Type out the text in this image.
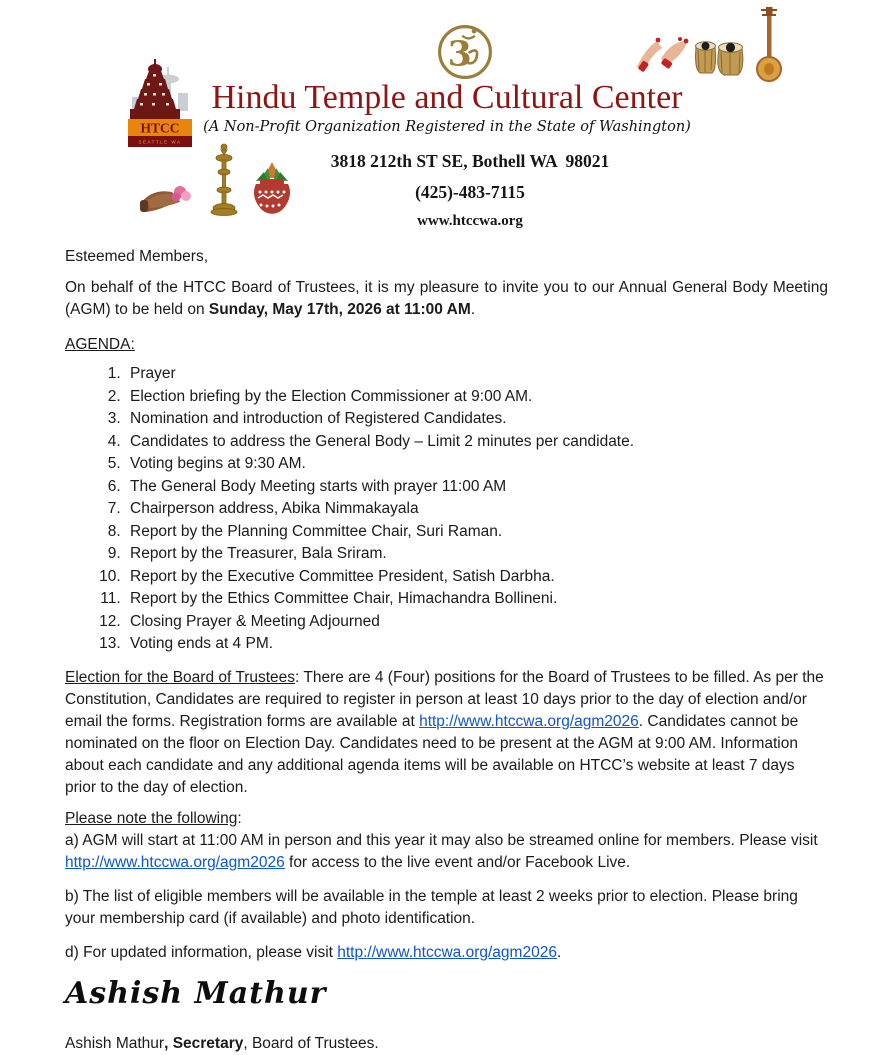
3
HTCC
SEATTLE WA
Hindu Temple and Cultural Center
(A Non-Profit Organization Registered in the State of Washington)
3818 212th ST SE, Bothell WA  98021
(425)-483-7115
www.htccwa.org

Esteemed Members,

On behalf of the HTCC Board of Trustees, it is my pleasure to invite you to our Annual General Body Meeting (AGM) to be held on Sunday, May 17th, 2026 at 11:00 AM.

AGENDA:

1. Prayer
2. Election briefing by the Election Commissioner at 9:00 AM.
3. Nomination and introduction of Registered Candidates.
4. Candidates to address the General Body – Limit 2 minutes per candidate.
5. Voting begins at 9:30 AM.
6. The General Body Meeting starts with prayer 11:00 AM
7. Chairperson address, Abika Nimmakayala
8. Report by the Planning Committee Chair, Suri Raman.
9. Report by the Treasurer, Bala Sriram.
10. Report by the Executive Committee President, Satish Darbha.
11. Report by the Ethics Committee Chair, Himachandra Bollineni.
12. Closing Prayer & Meeting Adjourned
13. Voting ends at 4 PM.

Election for the Board of Trustees: There are 4 (Four) positions for the Board of Trustees to be filled. As per the Constitution, Candidates are required to register in person at least 10 days prior to the day of election and/or email the forms. Registration forms are available at http://www.htccwa.org/agm2026. Candidates cannot be nominated on the floor on Election Day. Candidates need to be present at the AGM at 9:00 AM. Information about each candidate and any additional agenda items will be available on HTCC’s website at least 7 days prior to the day of election.

Please note the following:

a) AGM will start at 11:00 AM in person and this year it may also be streamed online for members. Please visit http://www.htccwa.org/agm2026 for access to the live event and/or Facebook Live.

b) The list of eligible members will be available in the temple at least 2 weeks prior to election. Please bring your membership card (if available) and photo identification.

d) For updated information, please visit http://www.htccwa.org/agm2026.

Ashish Mathur

Ashish Mathur, Secretary, Board of Trustees.
